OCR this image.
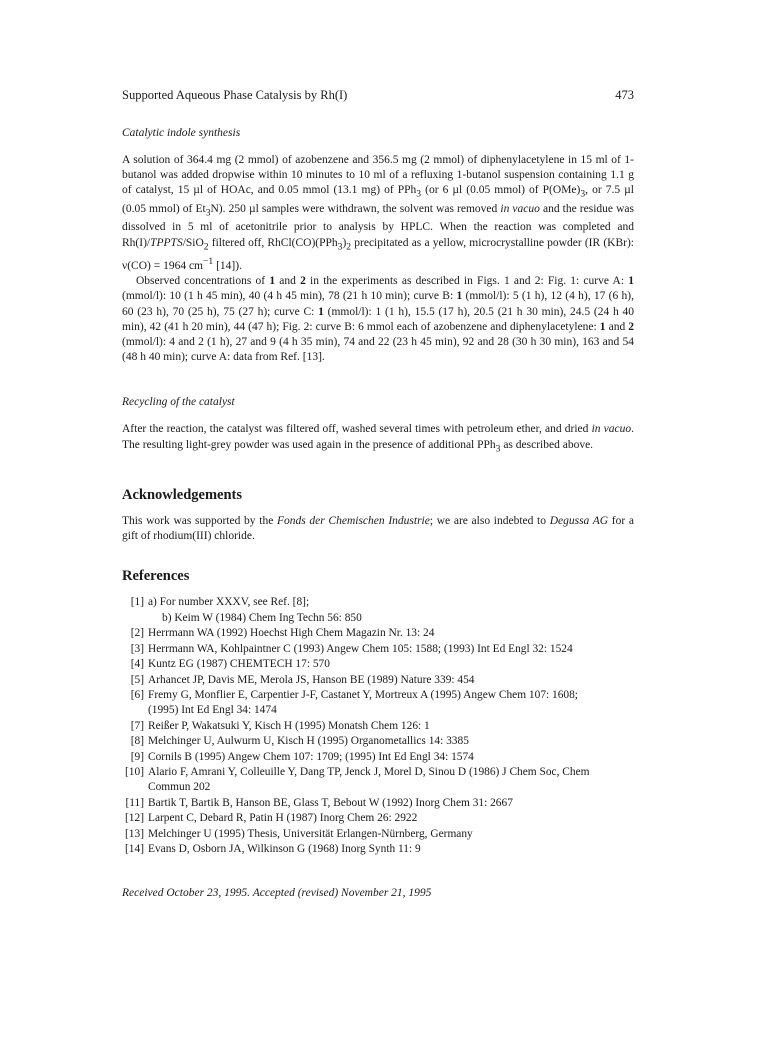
Supported Aqueous Phase Catalysis by Rh(I)	473

Catalytic indole synthesis

A solution of 364.4 mg (2 mmol) of azobenzene and 356.5 mg (2 mmol) of diphenylacetylene in 15 ml of 1-butanol was added dropwise within 10 minutes to 10 ml of a refluxing 1-butanol suspension containing 1.1 g of catalyst, 15 µl of HOAc, and 0.05 mmol (13.1 mg) of PPh$_3$ (or 6 µl (0.05 mmol) of $P(OMe)_3$, or 7.5 µl (0.05 mmol) of $Et_3N$). 250 µl samples were withdrawn, the solvent was removed in vacuo and the residue was dissolved in 5 ml of acetonitrile prior to analysis by HPLC. When the reaction was completed and Rh(I)/TPPTS/SiO$_2$ filtered off, $RhCl(CO)(PPh_3)_2$ precipitated as a yellow, microcrystalline powder (IR (KBr): ν(CO) = 1964 $cm^{-1}$ [14]).

Observed concentrations of 1 and 2 in the experiments as described in Figs. 1 and 2: Fig. 1: curve A: 1 (mmol/l): 10 (1 h 45 min), 40 (4 h 45 min), 78 (21 h 10 min); curve B: 1 (mmol/l): 5 (1 h), 12 (4 h), 17 (6 h), 60 (23 h), 70 (25 h), 75 (27 h); curve C: 1 (mmol/l): 1 (1 h), 15.5 (17 h), 20.5 (21 h 30 min), 24.5 (24 h 40 min), 42 (41 h 20 min), 44 (47 h); Fig. 2: curve B: 6 mmol each of azobenzene and diphenylacetylene: 1 and 2 (mmol/l): 4 and 2 (1 h), 27 and 9 (4 h 35 min), 74 and 22 (23 h 45 min), 92 and 28 (30 h 30 min), 163 and 54 (48 h 40 min); curve A: data from Ref. [13].

Recycling of the catalyst

After the reaction, the catalyst was filtered off, washed several times with petroleum ether, and dried in vacuo. The resulting light-grey powder was used again in the presence of additional PPh$_3$ as described above.

Acknowledgements

This work was supported by the Fonds der Chemischen Industrie; we are also indebted to Degussa AG for a gift of rhodium(III) chloride.

References
[1] a) For number XXXV, see Ref. [8];
b) Keim W (1984) Chem Ing Techn 56: 850
[2] Herrmann WA (1992) Hoechst High Chem Magazin Nr. 13: 24
[3] Herrmann WA, Kohlpaintner C (1993) Angew Chem 105: 1588; (1993) Int Ed Engl 32: 1524
[4] Kuntz EG (1987) CHEMTECH 17: 570
[5] Arhancet JP, Davis ME, Merola JS, Hanson BE (1989) Nature 339: 454
[6] Fremy G, Monflier E, Carpentier J-F, Castanet Y, Mortreux A (1995) Angew Chem 107: 1608;
(1995) Int Ed Engl 34: 1474
[7] Reißer P, Wakatsuki Y, Kisch H (1995) Monatsh Chem 126: 1
[8] Melchinger U, Aulwurm U, Kisch H (1995) Organometallics 14: 3385
[9] Cornils B (1995) Angew Chem 107: 1709; (1995) Int Ed Engl 34: 1574
[10] Alario F, Amrani Y, Colleuille Y, Dang TP, Jenck J, Morel D, Sinou D (1986) J Chem Soc, Chem
Commun 202
[11] Bartik T, Bartik B, Hanson BE, Glass T, Bebout W (1992) Inorg Chem 31: 2667
[12] Larpent C, Debard R, Patin H (1987) Inorg Chem 26: 2922
[13] Melchinger U (1995) Thesis, Universität Erlangen-Nürnberg, Germany
[14] Evans D, Osborn JA, Wilkinson G (1968) Inorg Synth 11: 9
Received October 23, 1995. Accepted (revised) November 21, 1995
